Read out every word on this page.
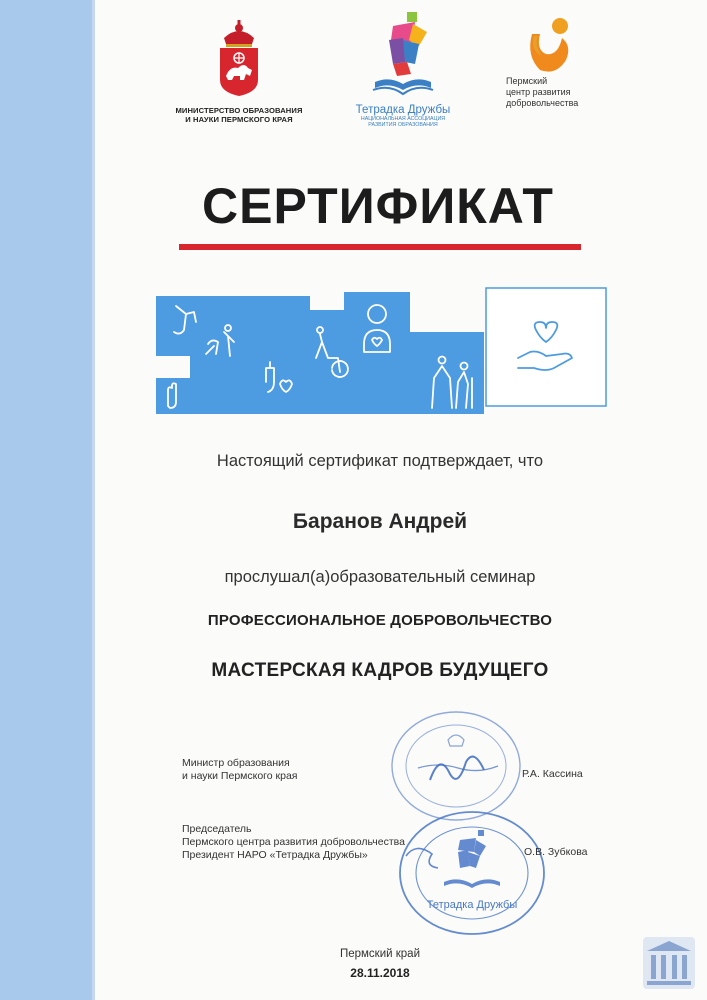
МИНИСТЕРСТВО ОБРАЗОВАНИЯ
И НАУКИ ПЕРМСКОГО КРАЯ
Тетрадка Дружбы
НАЦИОНАЛЬНАЯ АССОЦИАЦИЯ
РАЗВИТИЯ ОБРАЗОВАНИЯ
Пермский
центр развития
добровольчества
СЕРТИФИКАТ
Настоящий сертификат подтверждает, что
Баранов Андрей
прослушал(а)образовательный семинар
ПРОФЕССИОНАЛЬНОЕ ДОБРОВОЛЬЧЕСТВО
МАСТЕРСКАЯ КАДРОВ БУДУЩЕГО
Тетрадка Дружбы
Министр образования
и науки Пермского края	Р.А. Кассина
Председатель
Пермского центра развития добровольчества
Президент НАРО «Тетрадка Дружбы»	О.В. Зубкова
Пермский край
28.11.2018
